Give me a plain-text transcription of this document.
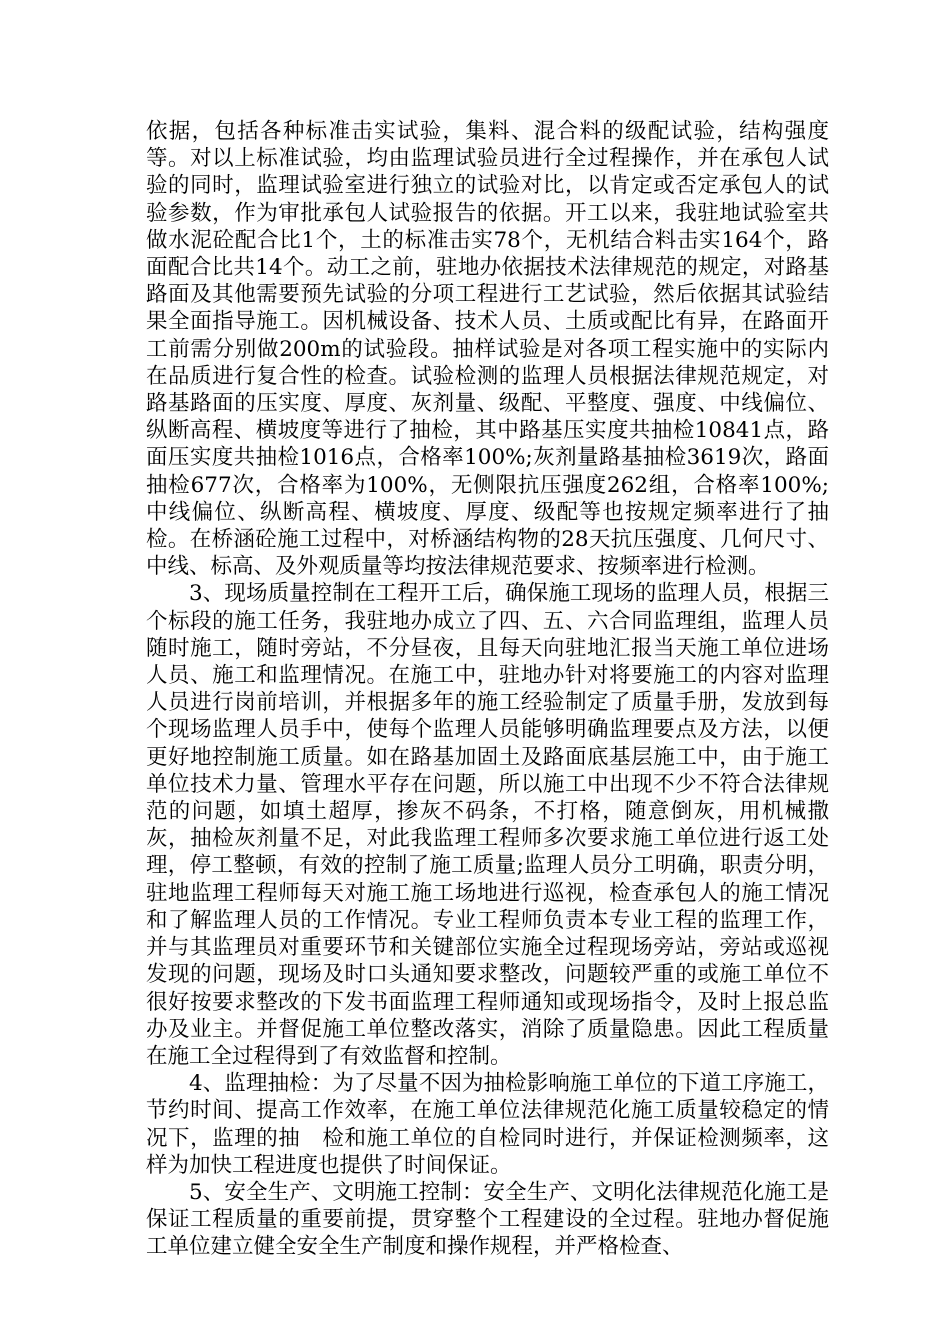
依据，包括各种标准击实试验，集料、混合料的级配试验，结构强度等。对以上标准试验，均由监理试验员进行全过程操作，并在承包人试验的同时，监理试验室进行独立的试验对比，以肯定或否定承包人的试验参数，作为审批承包人试验报告的依据。开工以来，我驻地试验室共做水泥砼配合比1个，土的标准击实78个，无机结合料击实164个，路面配合比共14个。动工之前，驻地办依据技术法律规范的规定，对路基路面及其他需要预先试验的分项工程进行工艺试验，然后依据其试验结果全面指导施工。因机械设备、技术人员、土质或配比有异，在路面开工前需分别做200m的试验段。抽样试验是对各项工程实施中的实际内在品质进行复合性的检查。试验检测的监理人员根据法律规范规定，对路基路面的压实度、厚度、灰剂量、级配、平整度、强度、中线偏位、纵断高程、横坡度等进行了抽检，其中路基压实度共抽检10841点，路面压实度共抽检1016点，合格率100%;灰剂量路基抽检3619次，路面抽检677次，合格率为100%，无侧限抗压强度262组，合格率100%;中线偏位、纵断高程、横坡度、厚度、级配等也按规定频率进行了抽检。在桥涵砼施工过程中，对桥涵结构物的28天抗压强度、几何尺寸、中线、标高、及外观质量等均按法律规范要求、按频率进行检测。

3、现场质量控制在工程开工后，确保施工现场的监理人员，根据三个标段的施工任务，我驻地办成立了四、五、六合同监理组，监理人员随时施工，随时旁站，不分昼夜，且每天向驻地汇报当天施工单位进场人员、施工和监理情况。在施工中，驻地办针对将要施工的内容对监理人员进行岗前培训，并根据多年的施工经验制定了质量手册，发放到每个现场监理人员手中，使每个监理人员能够明确监理要点及方法，以便更好地控制施工质量。如在路基加固土及路面底基层施工中，由于施工单位技术力量、管理水平存在问题，所以施工中出现不少不符合法律规范的问题，如填土超厚，掺灰不码条，不打格，随意倒灰，用机械撒灰，抽检灰剂量不足，对此我监理工程师多次要求施工单位进行返工处理，停工整顿，有效的控制了施工质量;监理人员分工明确，职责分明，驻地监理工程师每天对施工施工场地进行巡视，检查承包人的施工情况和了解监理人员的工作情况。专业工程师负责本专业工程的监理工作，并与其监理员对重要环节和关键部位实施全过程现场旁站，旁站或巡视发现的问题，现场及时口头通知要求整改，问题较严重的或施工单位不很好按要求整改的下发书面监理工程师通知或现场指令，及时上报总监办及业主。并督促施工单位整改落实，消除了质量隐患。因此工程质量在施工全过程得到了有效监督和控制。

4、监理抽检：为了尽量不因为抽检影响施工单位的下道工序施工，节约时间、提高工作效率，在施工单位法律规范化施工质量较稳定的情况下，监理的抽　检和施工单位的自检同时进行，并保证检测频率，这样为加快工程进度也提供了时间保证。

5、安全生产、文明施工控制：安全生产、文明化法律规范化施工是保证工程质量的重要前提，贯穿整个工程建设的全过程。驻地办督促施工单位建立健全安全生产制度和操作规程，并严格检查、
